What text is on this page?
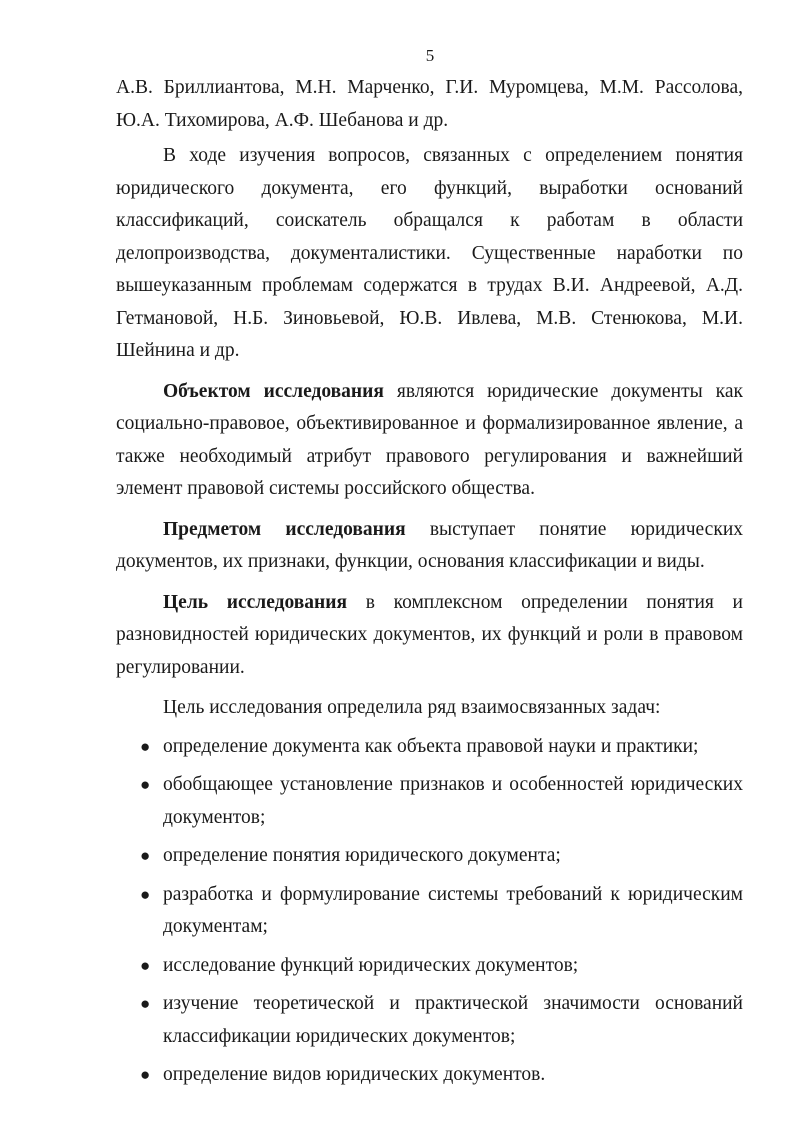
5

А.В. Бриллиантова, М.Н. Марченко, Г.И. Муромцева, М.М. Рассолова, Ю.А. Тихомирова, А.Ф. Шебанова и др.

В ходе изучения вопросов, связанных с определением понятия юридического документа, его функций, выработки оснований классификаций, соискатель обращался к работам в области делопроизводства, документалистики. Существенные наработки по вышеуказанным проблемам содержатся в трудах В.И. Андреевой, А.Д. Гетмановой, Н.Б. Зиновьевой, Ю.В. Ивлева, М.В. Стенюкова, М.И. Шейнина и др.

Объектом исследования являются юридические документы как социально-правовое, объективированное и формализированное явление, а также необходимый атрибут правового регулирования и важнейший элемент правовой системы российского общества.

Предметом исследования выступает понятие юридических документов, их признаки, функции, основания классификации и виды.

Цель исследования в комплексном определении понятия и разновидностей юридических документов, их функций и роли в правовом регулировании.

Цель исследования определила ряд взаимосвязанных задач:

● определение документа как объекта правовой науки и практики;
● обобщающее установление признаков и особенностей юридических документов;
● определение понятия юридического документа;
● разработка и формулирование системы требований к юридическим документам;
● исследование функций юридических документов;
● изучение теоретической и практической значимости оснований классификации юридических документов;
● определение видов юридических документов.
